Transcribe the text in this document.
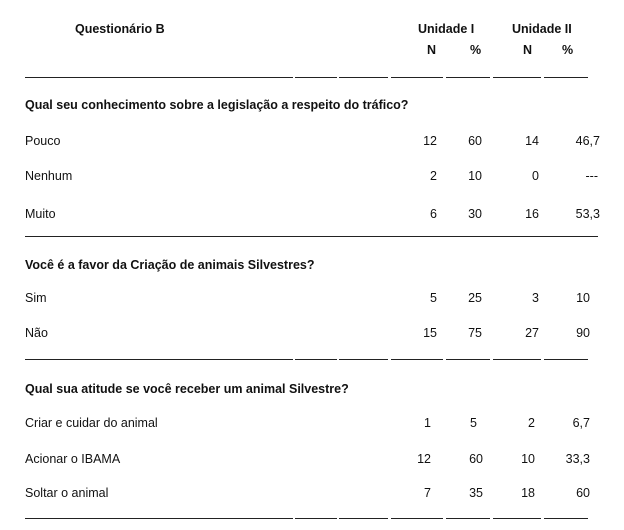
Questionário B	Unidade I	Unidade II
N	%	N %
Qual seu conhecimento sobre a legislação a respeito do tráfico?
Pouco	12	60	14	46,7
Nenhum	2	10	0	---
Muito	6	30	16	53,3
Você é a favor da Criação de animais Silvestres?
Sim	5	25	3	10
Não	15	75	27	90
Qual sua atitude se você receber um animal Silvestre?
Criar e cuidar do animal	1	5	2	6,7
Acionar o IBAMA	12	60	10	33,3
Soltar o animal	7	35	18	60
